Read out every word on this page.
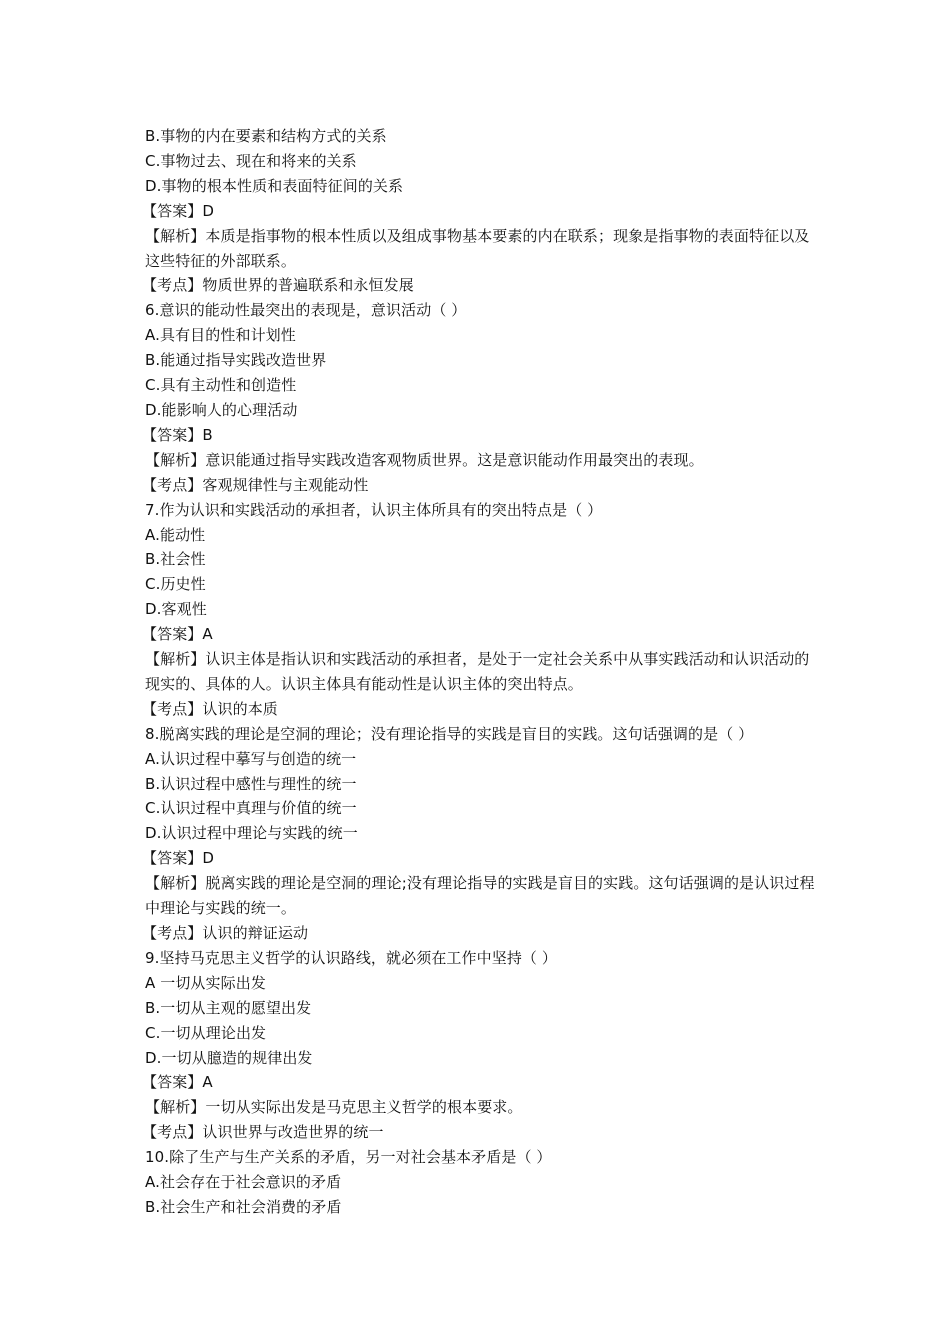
B.事物的内在要素和结构方式的关系
C.事物过去、现在和将来的关系
D.事物的根本性质和表面特征间的关系
【答案】D
【解析】本质是指事物的根本性质以及组成事物基本要素的内在联系；现象是指事物的表面特征以及这些特征的外部联系。
【考点】物质世界的普遍联系和永恒发展
6.意识的能动性最突出的表现是，意识活动（ ）
A.具有目的性和计划性
B.能通过指导实践改造世界
C.具有主动性和创造性
D.能影响人的心理活动
【答案】B
【解析】意识能通过指导实践改造客观物质世界。这是意识能动作用最突出的表现。
【考点】客观规律性与主观能动性
7.作为认识和实践活动的承担者，认识主体所具有的突出特点是（ ）
A.能动性
B.社会性
C.历史性
D.客观性
【答案】A
【解析】认识主体是指认识和实践活动的承担者，是处于一定社会关系中从事实践活动和认识活动的现实的、具体的人。认识主体具有能动性是认识主体的突出特点。
【考点】认识的本质
8.脱离实践的理论是空洞的理论；没有理论指导的实践是盲目的实践。这句话强调的是（ ）
A.认识过程中摹写与创造的统一
B.认识过程中感性与理性的统一
C.认识过程中真理与价值的统一
D.认识过程中理论与实践的统一
【答案】D
【解析】脱离实践的理论是空洞的理论;没有理论指导的实践是盲目的实践。这句话强调的是认识过程中理论与实践的统一。
【考点】认识的辩证运动
9.坚持马克思主义哲学的认识路线，就必须在工作中坚持（ ）
A 一切从实际出发
B.一切从主观的愿望出发
C.一切从理论出发
D.一切从臆造的规律出发
【答案】A
【解析】一切从实际出发是马克思主义哲学的根本要求。
【考点】认识世界与改造世界的统一
10.除了生产与生产关系的矛盾，另一对社会基本矛盾是（ ）
A.社会存在于社会意识的矛盾
B.社会生产和社会消费的矛盾
